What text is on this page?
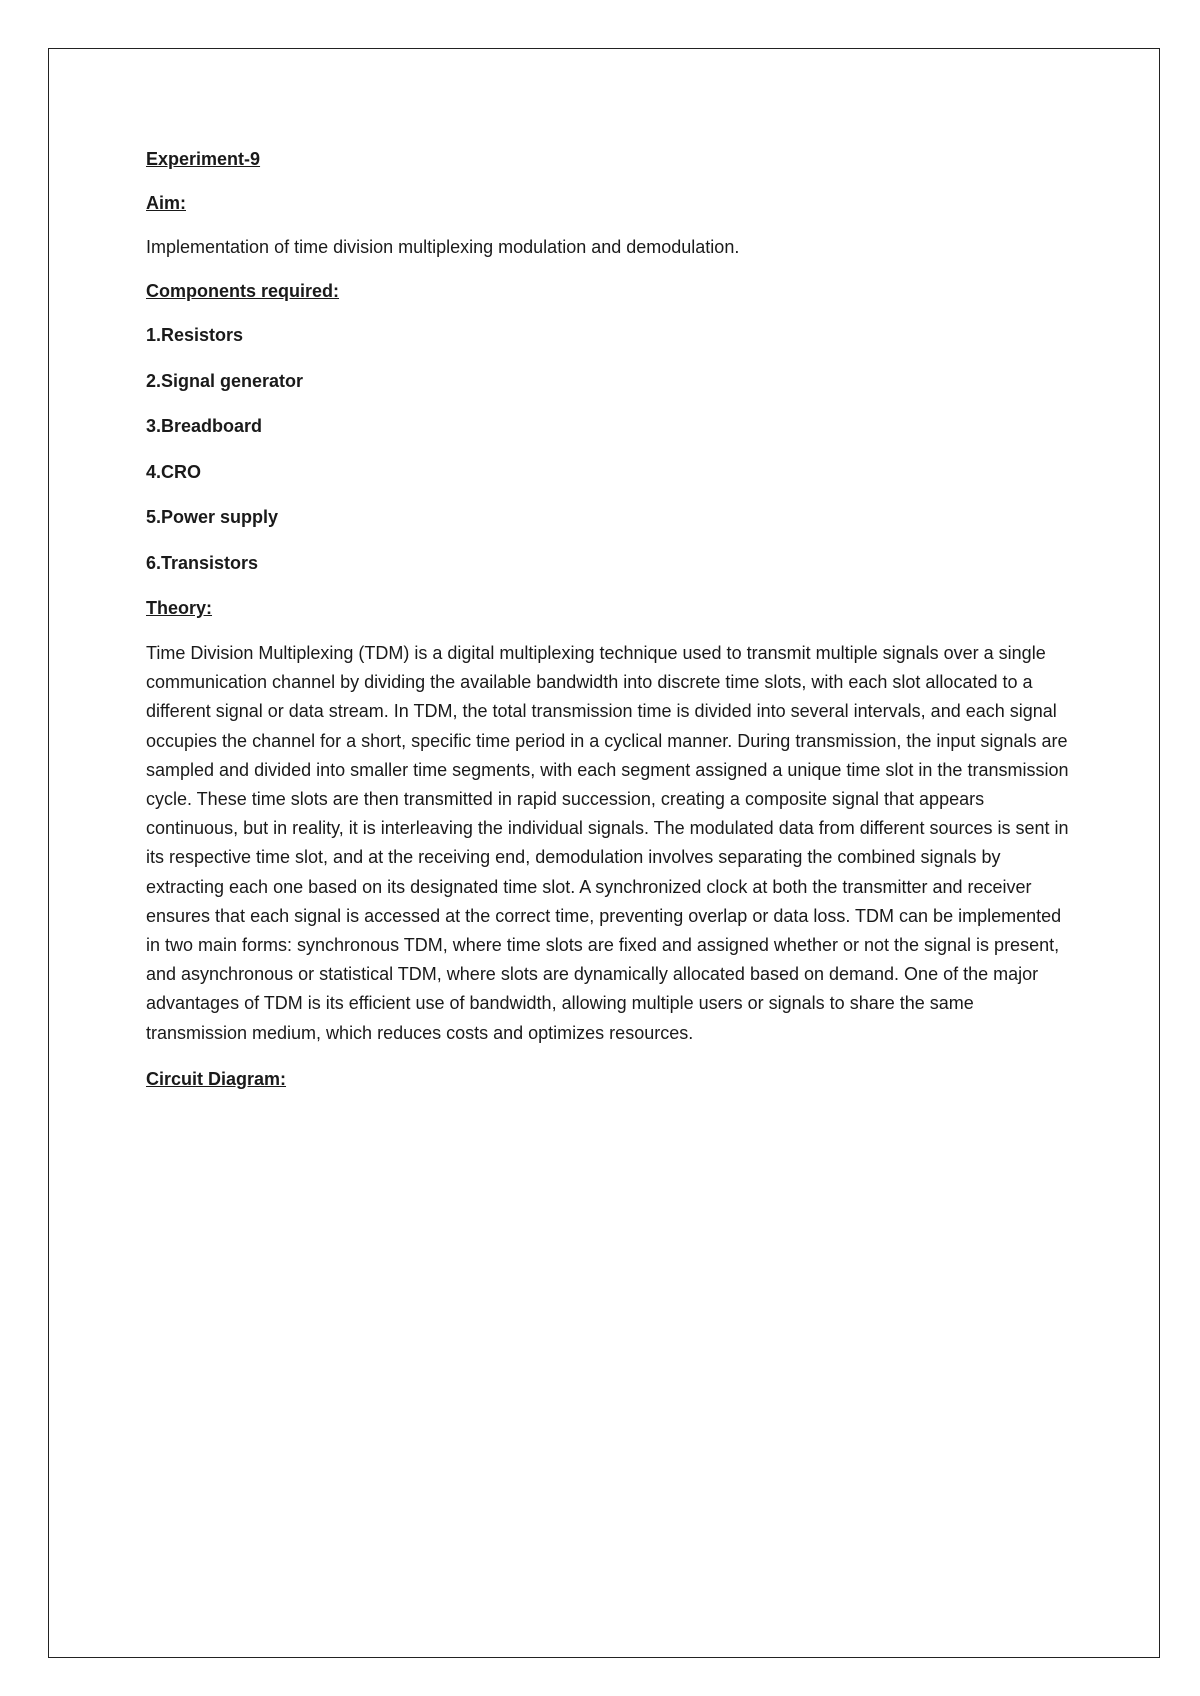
Experiment-9
Aim:
Implementation of time division multiplexing modulation and demodulation.
Components required:
1.Resistors
2.Signal generator
3.Breadboard
4.CRO
5.Power supply
6.Transistors
Theory:

Time Division Multiplexing (TDM) is a digital multiplexing technique used to transmit multiple signals over a single communication channel by dividing the available bandwidth into discrete time slots, with each slot allocated to a different signal or data stream. In TDM, the total transmission time is divided into several intervals, and each signal occupies the channel for a short, specific time period in a cyclical manner. During transmission, the input signals are sampled and divided into smaller time segments, with each segment assigned a unique time slot in the transmission cycle. These time slots are then transmitted in rapid succession, creating a composite signal that appears continuous, but in reality, it is interleaving the individual signals. The modulated data from different sources is sent in its respective time slot, and at the receiving end, demodulation involves separating the combined signals by extracting each one based on its designated time slot. A synchronized clock at both the transmitter and receiver ensures that each signal is accessed at the correct time, preventing overlap or data loss. TDM can be implemented in two main forms: synchronous TDM, where time slots are fixed and assigned whether or not the signal is present, and asynchronous or statistical TDM, where slots are dynamically allocated based on demand. One of the major advantages of TDM is its efficient use of bandwidth, allowing multiple users or signals to share the same transmission medium, which reduces costs and optimizes resources.

Circuit Diagram:
